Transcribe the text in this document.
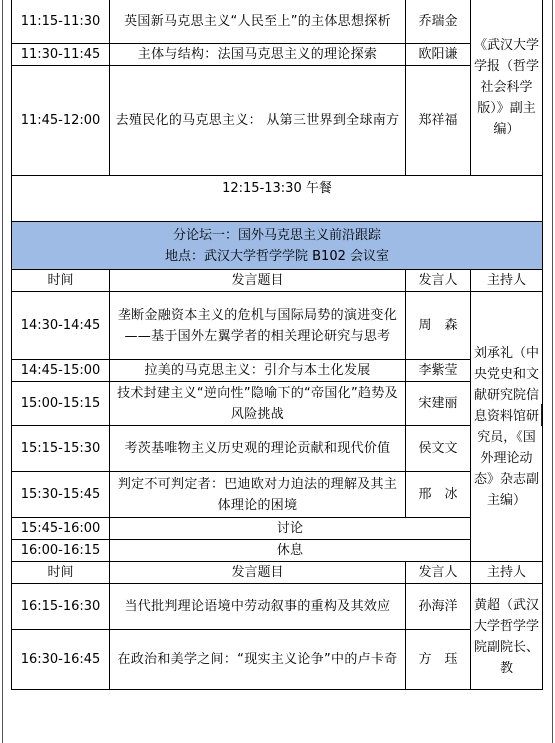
11:15-11:30	英国新马克思主义“人民至上”的主体思想探析	乔瑞金	《武汉大学学报（哲学社会科学版）》副主编）
11:30-11:45	主体与结构：法国马克思主义的理论探索	欧阳谦	
11:45-12:00	去殖民化的马克思主义： 从第三世界到全球南方	郑祥福	
12:15-13:30 午餐			

分论坛一：国外马克思主义前沿跟踪
地点：武汉大学哲学学院 B102 会议室			

时间	发言题目	发言人	主持人
14:30-14:45	垄断金融资本主义的危机与国际局势的演进变化——基于国外左翼学者的相关理论研究与思考	周　森	刘承礼（中央党史和文献研究院信息资料馆研究员，《国外理论动态》杂志副主编）
14:45-15:00	拉美的马克思主义：引介与本土化发展	李紫莹	
15:00-15:15	技术封建主义“逆向性”隐喻下的“帝国化”趋势及风险挑战	宋建丽	
15:15-15:30	考茨基唯物主义历史观的理论贡献和现代价值	侯文文	
15:30-15:45	判定不可判定者：巴迪欧对力迫法的理解及其主体理论的困境	邢　冰	
15:45-16:00	讨论		
16:00-16:15	休息		
时间	发言题目	发言人	主持人
16:15-16:30	当代批判理论语境中劳动叙事的重构及其效应	孙海洋	黄超（武汉大学哲学学院副院长、教
16:30-16:45	在政治和美学之间：“现实主义论争”中的卢卡奇	方　珏	
